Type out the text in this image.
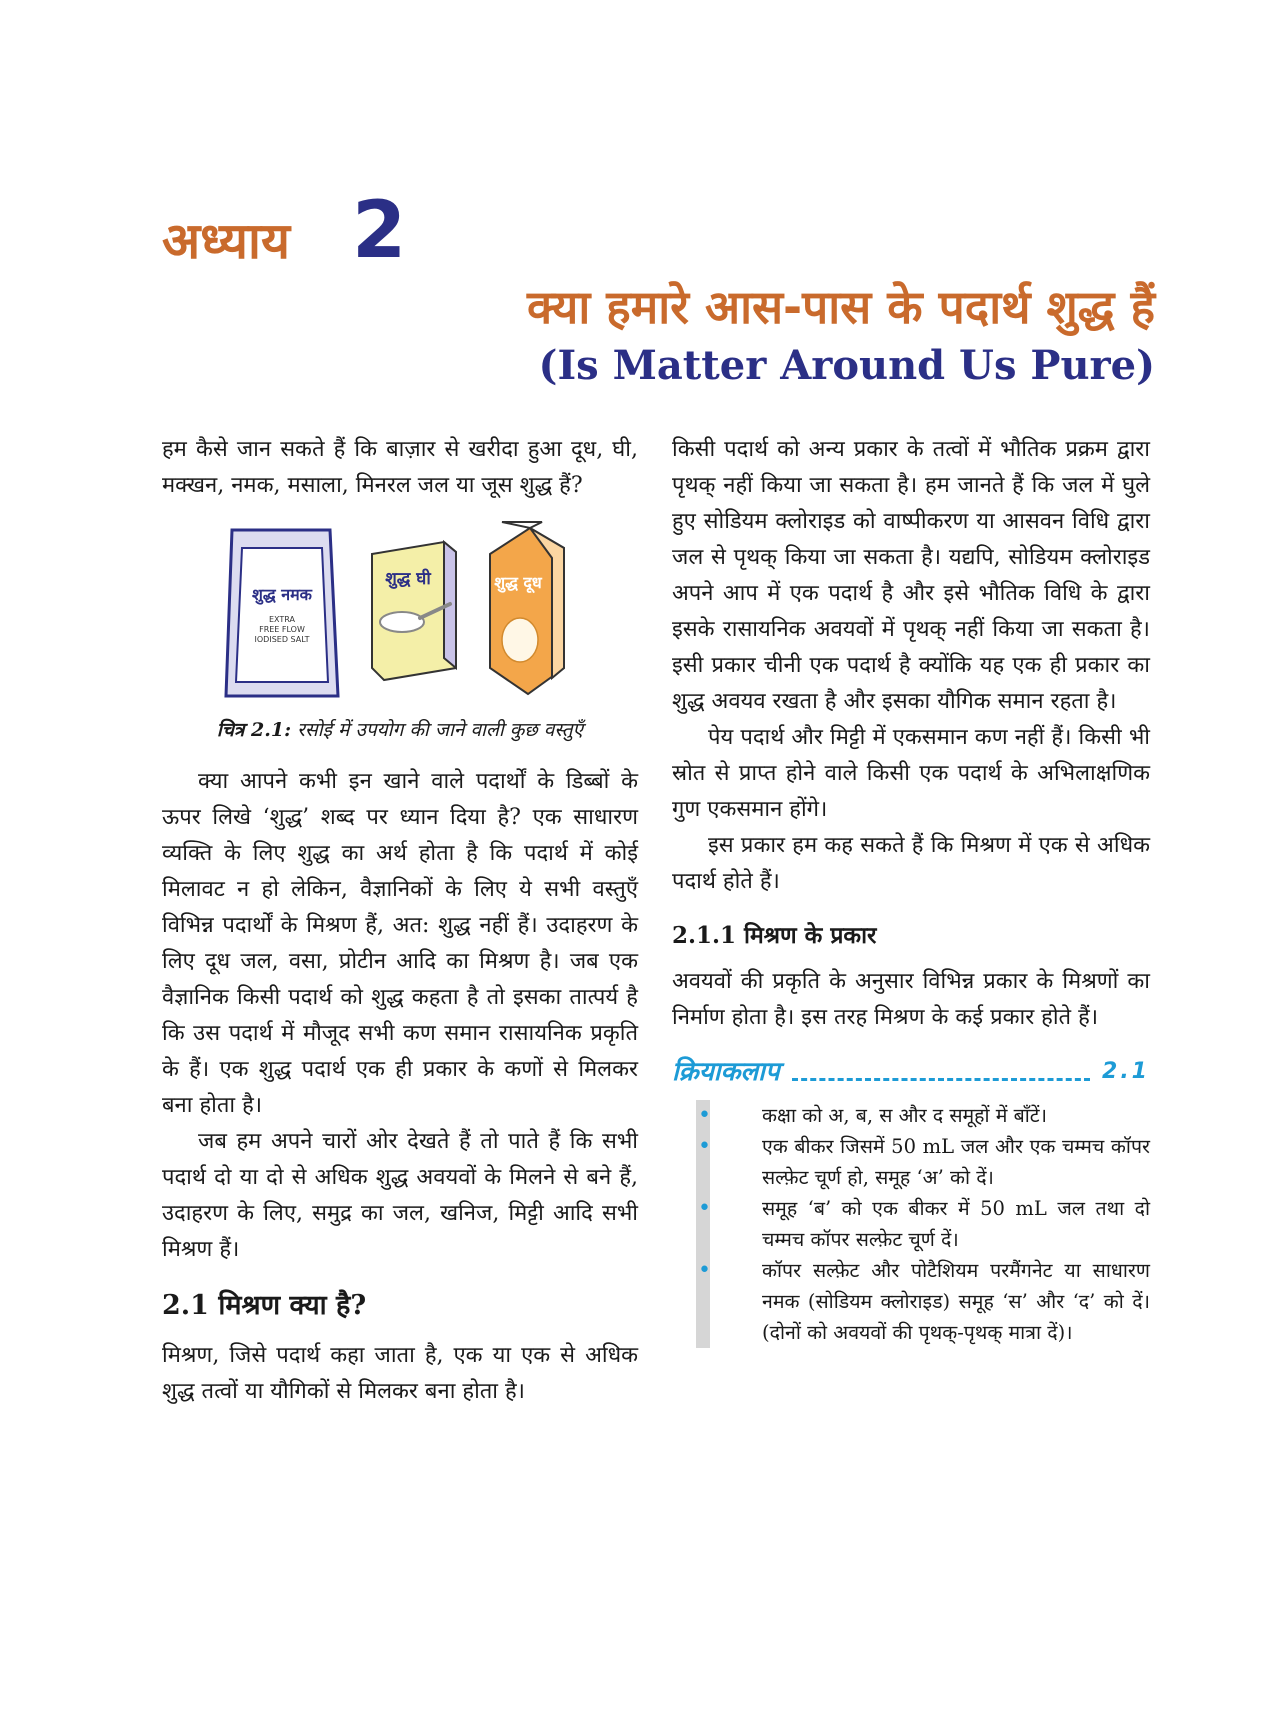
अध्याय 2
क्या हमारे आस-पास के पदार्थ शुद्ध हैं
(Is Matter Around Us Pure)

हम कैसे जान सकते हैं कि बाज़ार से खरीदा हुआ दूध, घी, मक्खन, नमक, मसाला, मिनरल जल या जूस शुद्ध हैं?

शुद्ध नमक
EXTRA
FREE FLOW
IODISED SALT
शुद्ध घी	शुद्ध दूध
चित्र 2.1: रसोई में उपयोग की जाने वाली कुछ वस्तुएँ

क्या आपने कभी इन खाने वाले पदार्थों के डिब्बों के ऊपर लिखे ‘शुद्ध’ शब्द पर ध्यान दिया है? एक साधारण व्यक्ति के लिए शुद्ध का अर्थ होता है कि पदार्थ में कोई मिलावट न हो लेकिन, वैज्ञानिकों के लिए ये सभी वस्तुएँ विभिन्न पदार्थों के मिश्रण हैं, अत: शुद्ध नहीं हैं। उदाहरण के लिए दूध जल, वसा, प्रोटीन आदि का मिश्रण है। जब एक वैज्ञानिक किसी पदार्थ को शुद्ध कहता है तो इसका तात्पर्य है कि उस पदार्थ में मौजूद सभी कण समान रासायनिक प्रकृति के हैं। एक शुद्ध पदार्थ एक ही प्रकार के कणों से मिलकर बना होता है।

जब हम अपने चारों ओर देखते हैं तो पाते हैं कि सभी पदार्थ दो या दो से अधिक शुद्ध अवयवों के मिलने से बने हैं, उदाहरण के लिए, समुद्र का जल, खनिज, मिट्टी आदि सभी मिश्रण हैं।

2.1 मिश्रण क्या है?

मिश्रण, जिसे पदार्थ कहा जाता है, एक या एक से अधिक शुद्ध तत्वों या यौगिकों से मिलकर बना होता है।

किसी पदार्थ को अन्य प्रकार के तत्वों में भौतिक प्रक्रम द्वारा पृथक् नहीं किया जा सकता है। हम जानते हैं कि जल में घुले हुए सोडियम क्लोराइड को वाष्पीकरण या आसवन विधि द्वारा जल से पृथक् किया जा सकता है। यद्यपि, सोडियम क्लोराइड अपने आप में एक पदार्थ है और इसे भौतिक विधि के द्वारा इसके रासायनिक अवयवों में पृथक् नहीं किया जा सकता है। इसी प्रकार चीनी एक पदार्थ है क्योंकि यह एक ही प्रकार का शुद्ध अवयव रखता है और इसका यौगिक समान रहता है।

पेय पदार्थ और मिट्टी में एकसमान कण नहीं हैं। किसी भी स्रोत से प्राप्त होने वाले किसी एक पदार्थ के अभिलाक्षणिक गुण एकसमान होंगे।

इस प्रकार हम कह सकते हैं कि मिश्रण में एक से अधिक पदार्थ होते हैं।

2.1.1 मिश्रण के प्रकार

अवयवों की प्रकृति के अनुसार विभिन्न प्रकार के मिश्रणों का निर्माण होता है। इस तरह मिश्रण के कई प्रकार होते हैं।

क्रियाकलाप	2.1
• कक्षा को अ, ब, स और द समूहों में बाँटें।
• एक बीकर जिसमें 50 mL जल और एक चम्मच कॉपर सल्फ़ेट चूर्ण हो, समूह ‘अ’ को दें।
• समूह ‘ब’ को एक बीकर में 50 mL जल तथा दो चम्मच कॉपर सल्फ़ेट चूर्ण दें।
• कॉपर सल्फ़ेट और पोटैशियम परमैंगनेट या साधारण नमक (सोडियम क्लोराइड) समूह ‘स’ और ‘द’ को दें। (दोनों को अवयवों की पृथक्-पृथक् मात्रा दें)।
